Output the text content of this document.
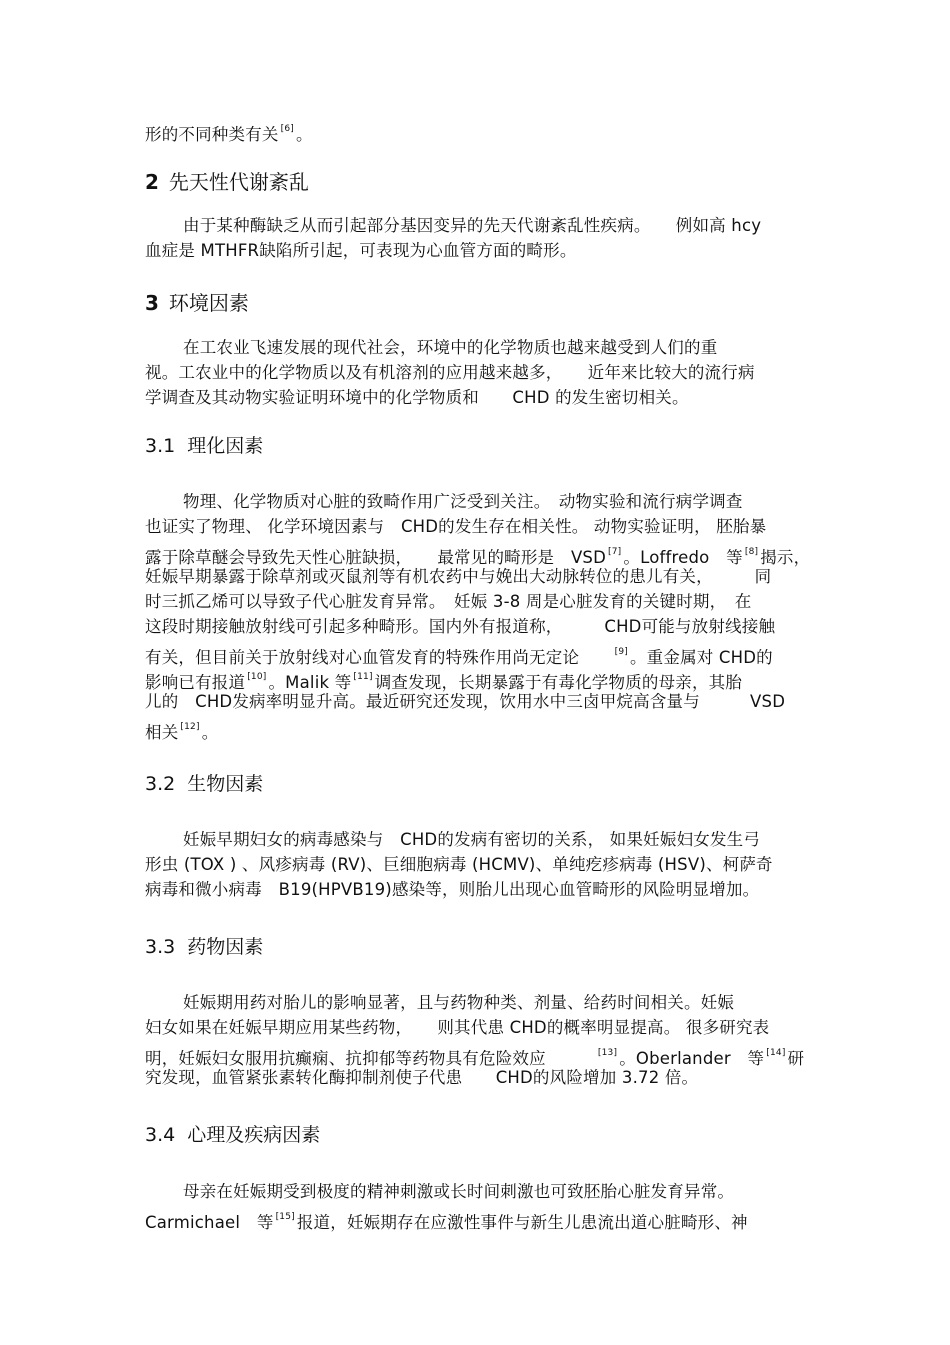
形的不同种类有关 [6] 。
2 先天性代谢紊乱
由于某种酶缺乏从而引起部分基因变异的先天代谢紊乱性疾病。　　例如高 hcy
血症是 MTHFR缺陷所引起，可表现为心血管方面的畸形。
3 环境因素
在工农业飞速发展的现代社会，环境中的化学物质也越来越受到人们的重
视。工农业中的化学物质以及有机溶剂的应用越来越多，　　近年来比较大的流行病
学调查及其动物实验证明环境中的化学物质和　　CHD 的发生密切相关。
3.1 理化因素
物理、化学物质对心脏的致畸作用广泛受到关注。　动物实验和流行病学调查
也证实了物理、 化学环境因素与　CHD的发生存在相关性。 动物实验证明， 胚胎暴
露于除草醚会导致先天性心脏缺损，　　最常见的畸形是　VSD [7] 。Loffredo　等 [8] 揭示，
妊娠早期暴露于除草剂或灭鼠剂等有机农药中与娩出大动脉转位的患儿有关，　　　同
时三抓乙烯可以导致子代心脏发育异常。　妊娠 3-8 周是心脏发育的关键时期，　在
这段时期接触放射线可引起多种畸形。国内外有报道称，　　　CHD可能与放射线接触
有关，但目前关于放射线对心血管发育的特殊作用尚无定论　　[9] 。重金属对 CHD的
影响已有报道 [10] 。Malik 等 [11] 调查发现，长期暴露于有毒化学物质的母亲，其胎
儿的　CHD发病率明显升高。最近研究还发现，饮用水中三卤甲烷高含量与　　　VSD
相关 [12] 。
3.2 生物因素
妊娠早期妇女的病毒感染与　CHD的发病有密切的关系， 如果妊娠妇女发生弓
形虫 (TOX ) 、风疹病毒 (RV)、巨细胞病毒 (HCMV)、单纯疙疹病毒 (HSV)、柯萨奇
病毒和微小病毒　B19(HPVB19)感染等，则胎儿出现心血管畸形的风险明显增加。
3.3 药物因素
妊娠期用药对胎儿的影响显著，且与药物种类、剂量、给药时间相关。妊娠
妇女如果在妊娠早期应用某些药物，　　则其代患 CHD的概率明显提高。 很多研究表
明，妊娠妇女服用抗癫痫、抗抑郁等药物具有危险效应　　　[13] 。Oberlander　等 [14] 研
究发现，血管紧张素转化酶抑制剂使子代患　　CHD的风险增加 3.72 倍。
3.4 心理及疾病因素
母亲在妊娠期受到极度的精神刺激或长时间刺激也可致胚胎心脏发育异常。
Carmichael　等 [15] 报道，妊娠期存在应激性事件与新生儿患流出道心脏畸形、神
